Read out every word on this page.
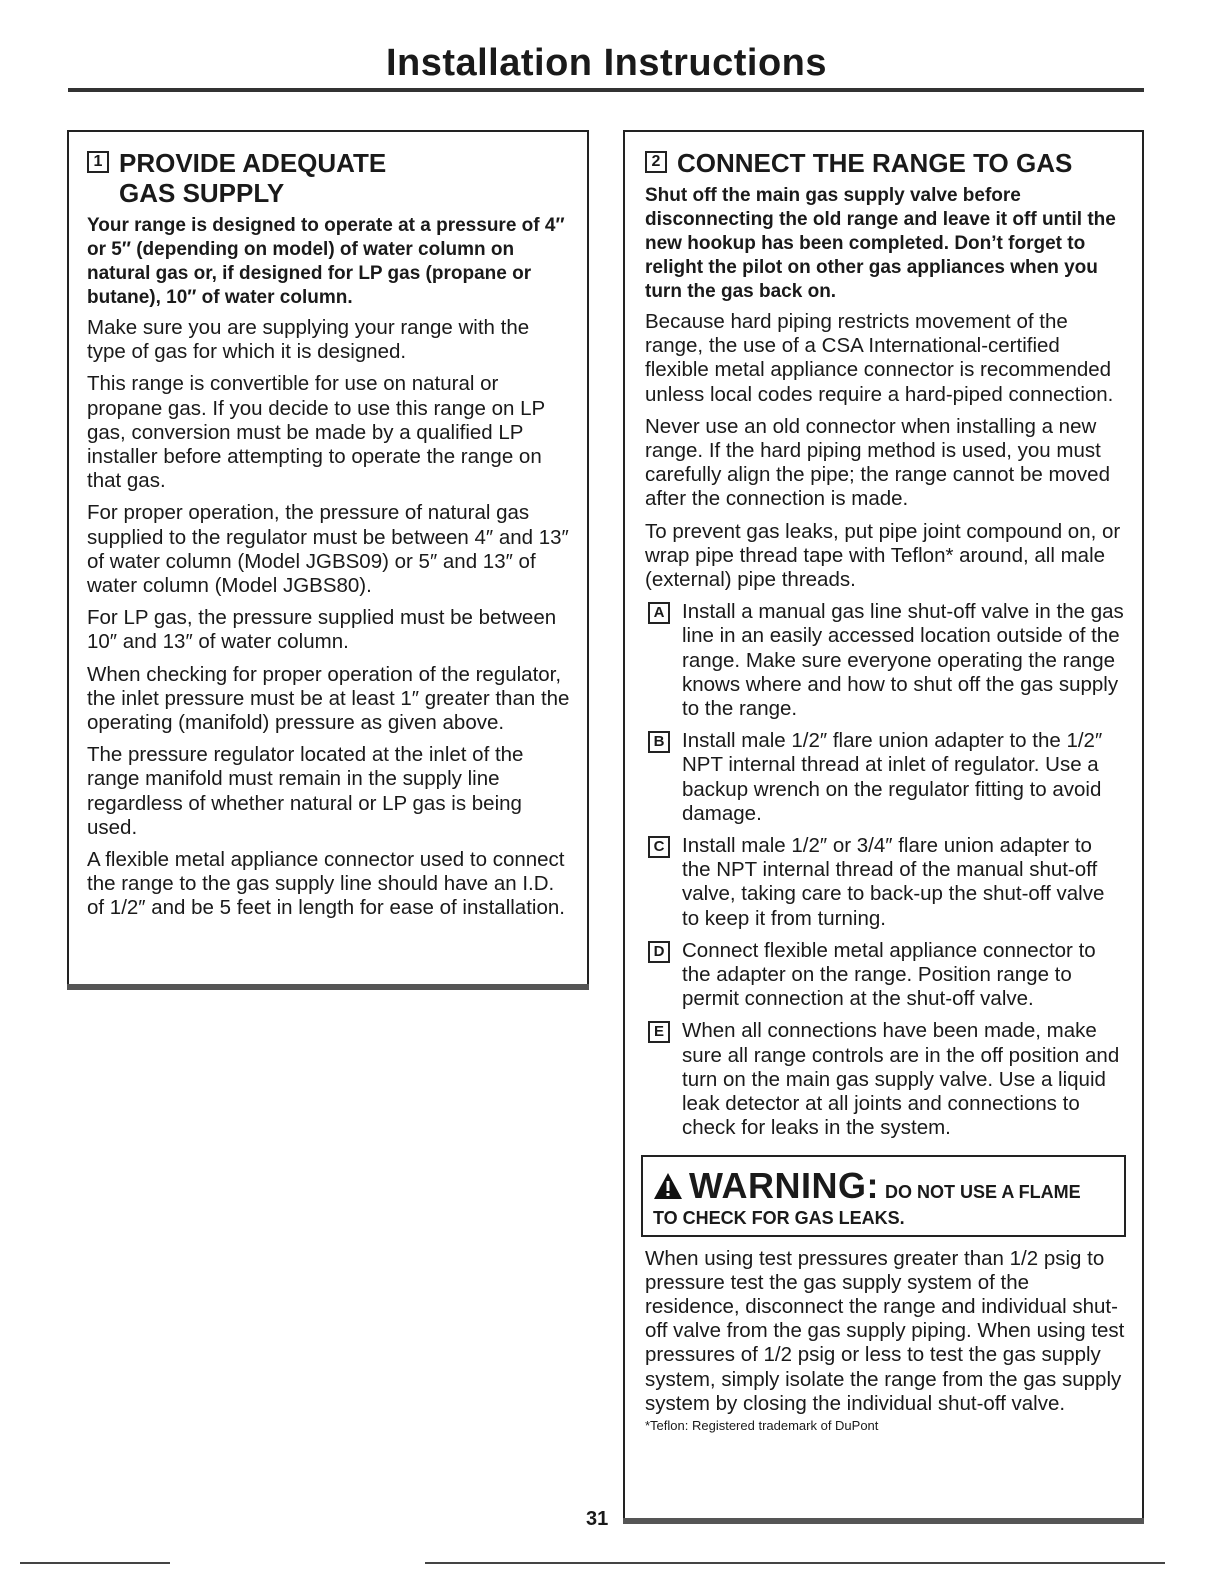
Installation Instructions
1 PROVIDE ADEQUATE
GAS SUPPLY

Your range is designed to operate at a pressure of 4″ or 5″ (depending on model) of water column on natural gas or, if designed for LP gas (propane or butane), 10″ of water column.

Make sure you are supplying your range with the type of gas for which it is designed.

This range is convertible for use on natural or propane gas. If you decide to use this range on LP gas, conversion must be made by a qualified LP installer before attempting to operate the range on that gas.

For proper operation, the pressure of natural gas supplied to the regulator must be between 4″ and 13″ of water column (Model JGBS09) or 5″ and 13″ of water column (Model JGBS80).

For LP gas, the pressure supplied must be between 10″ and 13″ of water column.

When checking for proper operation of the regulator, the inlet pressure must be at least 1″ greater than the operating (manifold) pressure as given above.

The pressure regulator located at the inlet of the range manifold must remain in the supply line regardless of whether natural or LP gas is being used.

A flexible metal appliance connector used to connect the range to the gas supply line should have an I.D. of 1/2″ and be 5 feet in length for ease of installation.

2 CONNECT THE RANGE TO GAS

Shut off the main gas supply valve before disconnecting the old range and leave it off until the new hookup has been completed. Don’t forget to relight the pilot on other gas appliances when you turn the gas back on.

Because hard piping restricts movement of the range, the use of a CSA International-certified flexible metal appliance connector is recommended unless local codes require a hard-piped connection.

Never use an old connector when installing a new range. If the hard piping method is used, you must carefully align the pipe; the range cannot be moved after the connection is made.

To prevent gas leaks, put pipe joint compound on, or wrap pipe thread tape with Teflon* around, all male (external) pipe threads.

A Install a manual gas line shut-off valve in the gas line in an easily accessed location outside of the range. Make sure everyone operating the range knows where and how to shut off the gas supply to the range.
B Install male 1/2″ flare union adapter to the 1/2″ NPT internal thread at inlet of regulator. Use a backup wrench on the regulator fitting to avoid damage.
C Install male 1/2″ or 3/4″ flare union adapter to the NPT internal thread of the manual shut-off valve, taking care to back-up the shut-off valve to keep it from turning.
D Connect flexible metal appliance connector to the adapter on the range. Position range to permit connection at the shut-off valve.
E When all connections have been made, make sure all range controls are in the off position and turn on the main gas supply valve. Use a liquid leak detector at all joints and connections to check for leaks in the system.
WARNING: DO NOT USE A FLAME
TO CHECK FOR GAS LEAKS.

When using test pressures greater than 1/2 psig to pressure test the gas supply system of the residence, disconnect the range and individual shut-off valve from the gas supply piping. When using test pressures of 1/2 psig or less to test the gas supply system, simply isolate the range from the gas supply system by closing the individual shut-off valve.

*Teflon: Registered trademark of DuPont
31
